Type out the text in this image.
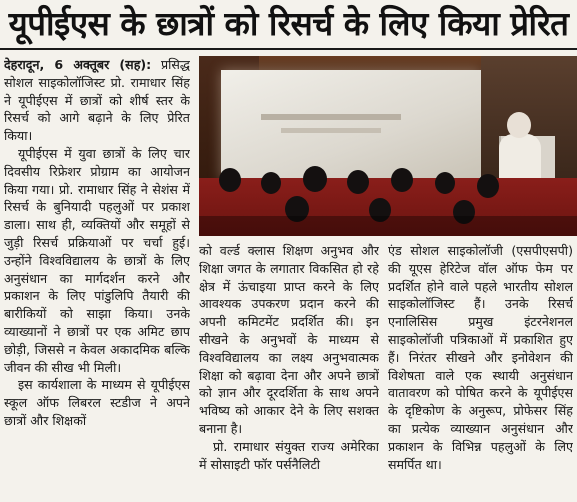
यूपीईएस के छात्रों को रिसर्च के लिए किया प्रेरित

देहरादून, 6 अक्तूबर (सह): प्रसिद्ध सोशल साइकोलॉजिस्ट प्रो. रामाधार सिंह ने यूपीईएस में छात्रों को शीर्ष स्तर के रिसर्च को आगे बढ़ाने के लिए प्रेरित किया।

यूपीईएस में युवा छात्रों के लिए चार दिवसीय रिफ्रेशर प्रोग्राम का आयोजन किया गया। प्रो. रामाधार सिंह ने सेशंस में रिसर्च के बुनियादी पहलुओं पर प्रकाश डाला। साथ ही, व्यक्तियों और समूहों से जुड़ी रिसर्च प्रक्रियाओं पर चर्चा हुई। उन्होंने विश्वविद्यालय के छात्रों के लिए अनुसंधान का मार्गदर्शन करने और प्रकाशन के लिए पांडुलिपि तैयारी की बारीकियों को साझा किया। उनके व्याख्यानों ने छात्रों पर एक अमिट छाप छोड़ी, जिससे न केवल अकादमिक बल्कि जीवन की सीख भी मिली।

इस कार्यशाला के माध्यम से यूपीईएस स्कूल ऑफ लिबरल स्टडीज ने अपने छात्रों और शिक्षकों

को वर्ल्ड क्लास शिक्षण अनुभव और शिक्षा जगत के लगातार विकसित हो रहे क्षेत्र में ऊंचाइया प्राप्त करने के लिए आवश्यक उपकरण प्रदान करने की अपनी कमिटमेंट प्रदर्शित की। इन सीखने के अनुभवों के माध्यम से विश्वविद्यालय का लक्ष्य अनुभवात्मक शिक्षा को बढ़ावा देना और अपने छात्रों को ज्ञान और दूरदर्शिता के साथ अपने भविष्य को आकार देने के लिए सशक्त बनाना है।

प्रो. रामाधार संयुक्त राज्य अमेरिका में सोसाइटी फॉर पर्सनैलिटी

एंड सोशल साइकोलॉजी (एसपीएसपी) की यूएस हेरिटेज वॉल ऑफ फेम पर प्रदर्शित होने वाले पहले भारतीय सोशल साइकोलॉजिस्ट हैं। उनके रिसर्च एनालिसिस प्रमुख इंटरनेशनल साइकोलॉजी पत्रिकाओं में प्रकाशित हुए हैं। निरंतर सीखने और इनोवेशन की विशेषता वाले एक स्थायी अनुसंधान वातावरण को पोषित करने के यूपीईएस के दृष्टिकोण के अनुरूप, प्रोफेसर सिंह का प्रत्येक व्याख्यान अनुसंधान और प्रकाशन के विभिन्न पहलुओं के लिए समर्पित था।
